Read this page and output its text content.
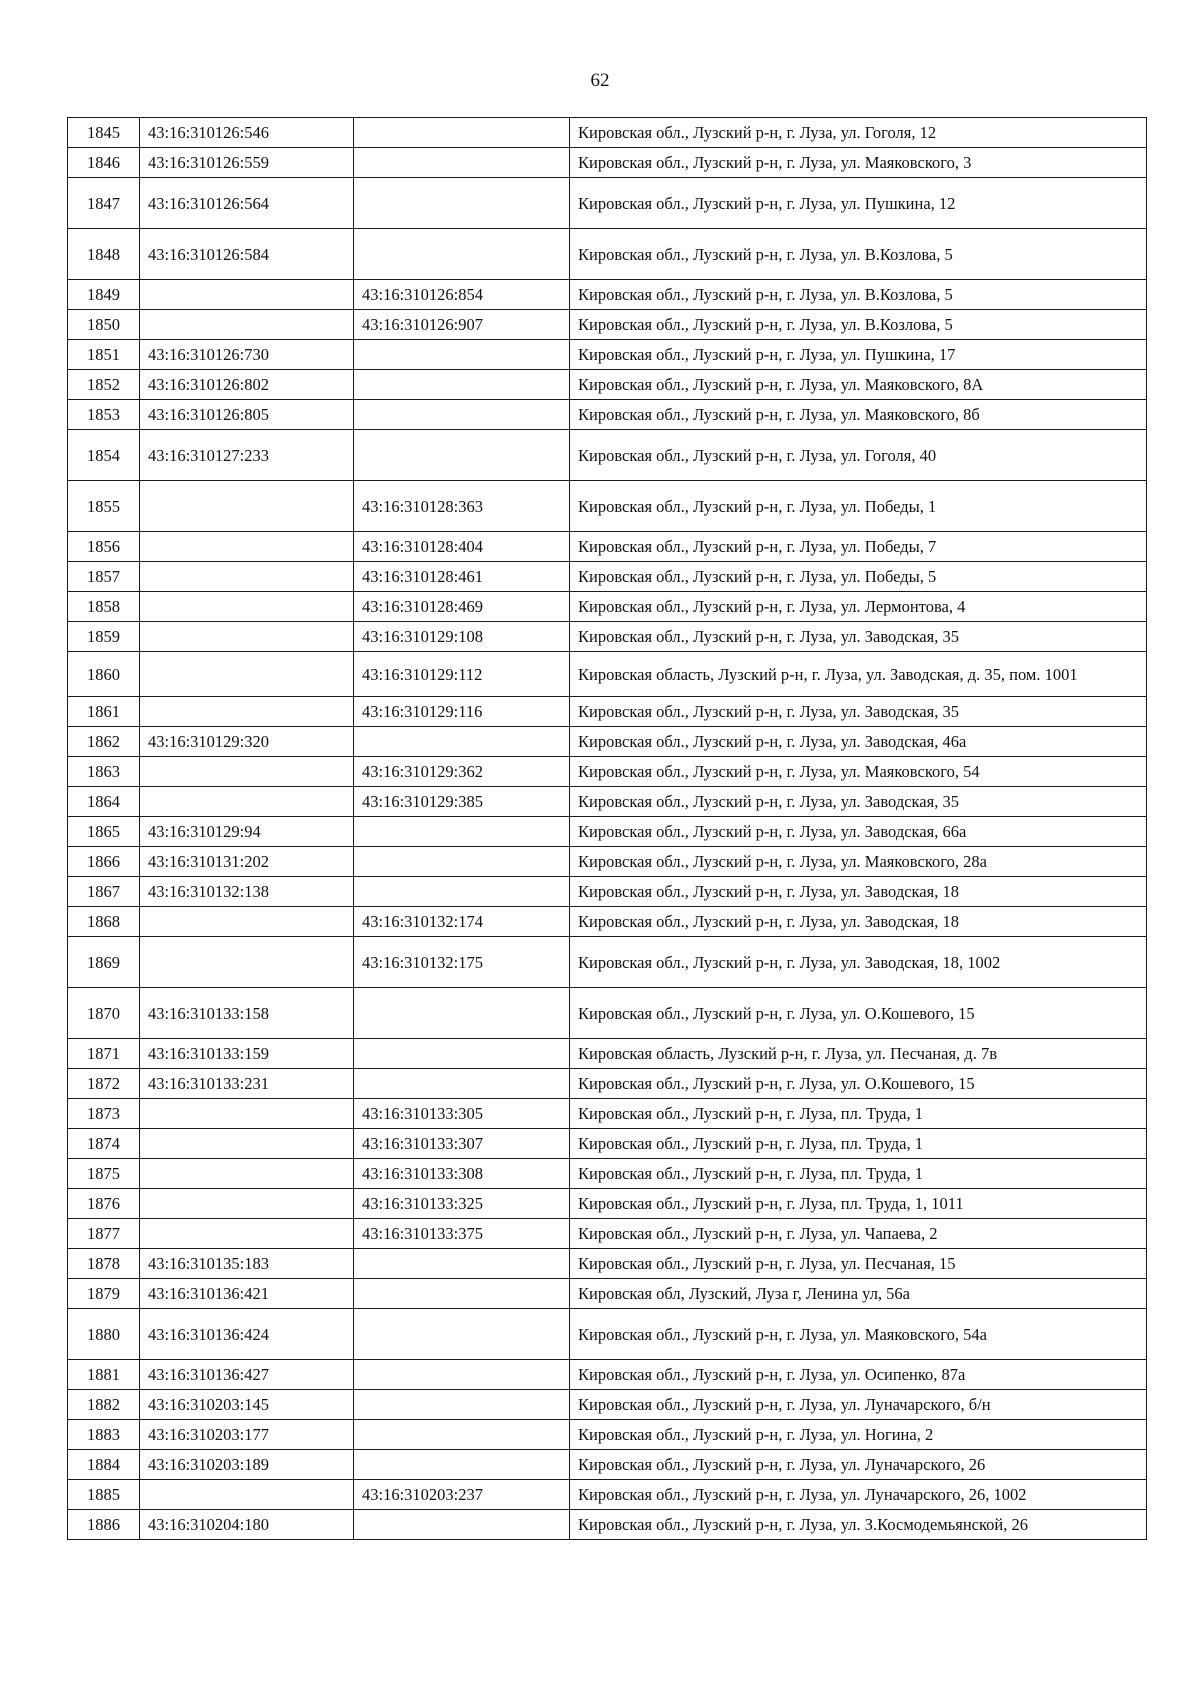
62
1845	43:16:310126:546		Кировская обл., Лузский р-н, г. Луза, ул. Гоголя, 12
1846	43:16:310126:559		Кировская обл., Лузский р-н, г. Луза, ул. Маяковского, 3
1847	43:16:310126:564		Кировская обл., Лузский р-н, г. Луза, ул. Пушкина, 12
1848	43:16:310126:584		Кировская обл., Лузский р-н, г. Луза, ул. В.Козлова, 5
1849		43:16:310126:854	Кировская обл., Лузский р-н, г. Луза, ул. В.Козлова, 5
1850		43:16:310126:907	Кировская обл., Лузский р-н, г. Луза, ул. В.Козлова, 5
1851	43:16:310126:730		Кировская обл., Лузский р-н, г. Луза, ул. Пушкина, 17
1852	43:16:310126:802		Кировская обл., Лузский р-н, г. Луза, ул. Маяковского, 8А
1853	43:16:310126:805		Кировская обл., Лузский р-н, г. Луза, ул. Маяковского, 8б
1854	43:16:310127:233		Кировская обл., Лузский р-н, г. Луза, ул. Гоголя, 40
1855		43:16:310128:363	Кировская обл., Лузский р-н, г. Луза, ул. Победы, 1
1856		43:16:310128:404	Кировская обл., Лузский р-н, г. Луза, ул. Победы, 7
1857		43:16:310128:461	Кировская обл., Лузский р-н, г. Луза, ул. Победы, 5
1858		43:16:310128:469	Кировская обл., Лузский р-н, г. Луза, ул. Лермонтова, 4
1859		43:16:310129:108	Кировская обл., Лузский р-н, г. Луза, ул. Заводская, 35
1860		43:16:310129:112	Кировская область, Лузский р-н, г. Луза, ул. Заводская, д. 35, пом. 1001
1861		43:16:310129:116	Кировская обл., Лузский р-н, г. Луза, ул. Заводская, 35
1862	43:16:310129:320		Кировская обл., Лузский р-н, г. Луза, ул. Заводская, 46а
1863		43:16:310129:362	Кировская обл., Лузский р-н, г. Луза, ул. Маяковского, 54
1864		43:16:310129:385	Кировская обл., Лузский р-н, г. Луза, ул. Заводская, 35
1865	43:16:310129:94		Кировская обл., Лузский р-н, г. Луза, ул. Заводская, 66а
1866	43:16:310131:202		Кировская обл., Лузский р-н, г. Луза, ул. Маяковского, 28а
1867	43:16:310132:138		Кировская обл., Лузский р-н, г. Луза, ул. Заводская, 18
1868		43:16:310132:174	Кировская обл., Лузский р-н, г. Луза, ул. Заводская, 18
1869		43:16:310132:175	Кировская обл., Лузский р-н, г. Луза, ул. Заводская, 18, 1002
1870	43:16:310133:158		Кировская обл., Лузский р-н, г. Луза, ул. О.Кошевого, 15
1871	43:16:310133:159		Кировская область, Лузский р-н, г. Луза, ул. Песчаная, д. 7в
1872	43:16:310133:231		Кировская обл., Лузский р-н, г. Луза, ул. О.Кошевого, 15
1873		43:16:310133:305	Кировская обл., Лузский р-н, г. Луза, пл. Труда, 1
1874		43:16:310133:307	Кировская обл., Лузский р-н, г. Луза, пл. Труда, 1
1875		43:16:310133:308	Кировская обл., Лузский р-н, г. Луза, пл. Труда, 1
1876		43:16:310133:325	Кировская обл., Лузский р-н, г. Луза, пл. Труда, 1, 1011
1877		43:16:310133:375	Кировская обл., Лузский р-н, г. Луза, ул. Чапаева, 2
1878	43:16:310135:183		Кировская обл., Лузский р-н, г. Луза, ул. Песчаная, 15
1879	43:16:310136:421		Кировская обл, Лузский, Луза г, Ленина ул, 56а
1880	43:16:310136:424		Кировская обл., Лузский р-н, г. Луза, ул. Маяковского, 54а
1881	43:16:310136:427		Кировская обл., Лузский р-н, г. Луза, ул. Осипенко, 87а
1882	43:16:310203:145		Кировская обл., Лузский р-н, г. Луза, ул. Луначарского, б/н
1883	43:16:310203:177		Кировская обл., Лузский р-н, г. Луза, ул. Ногина, 2
1884	43:16:310203:189		Кировская обл., Лузский р-н, г. Луза, ул. Луначарского, 26
1885		43:16:310203:237	Кировская обл., Лузский р-н, г. Луза, ул. Луначарского, 26, 1002
1886	43:16:310204:180		Кировская обл., Лузский р-н, г. Луза, ул. З.Космодемьянской, 26
